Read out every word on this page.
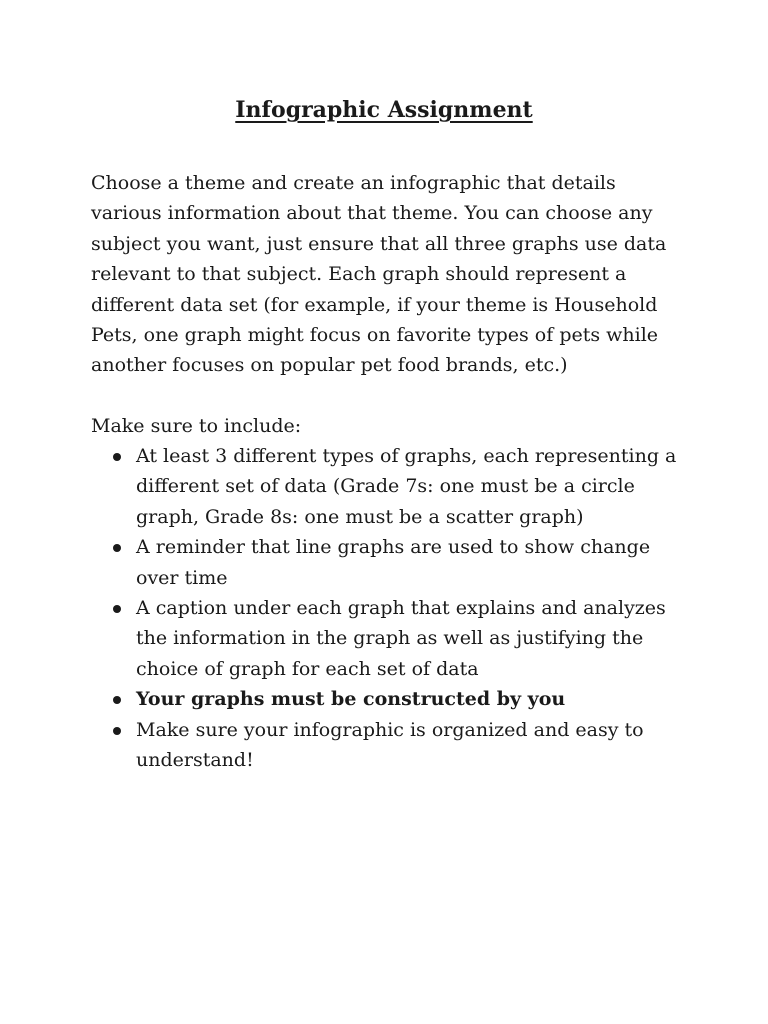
Infographic Assignment

Choose a theme and create an infographic that details various information about that theme. You can choose any subject you want, just ensure that all three graphs use data relevant to that subject. Each graph should represent a different data set (for example, if your theme is Household Pets, one graph might focus on favorite types of pets while another focuses on popular pet food brands, etc.)

Make sure to include:

At least 3 different types of graphs, each representing a different set of data (Grade 7s: one must be a circle graph, Grade 8s: one must be a scatter graph)
A reminder that line graphs are used to show change over time
A caption under each graph that explains and analyzes the information in the graph as well as justifying the choice of graph for each set of data
Your graphs must be constructed by you
Make sure your infographic is organized and easy to understand!
